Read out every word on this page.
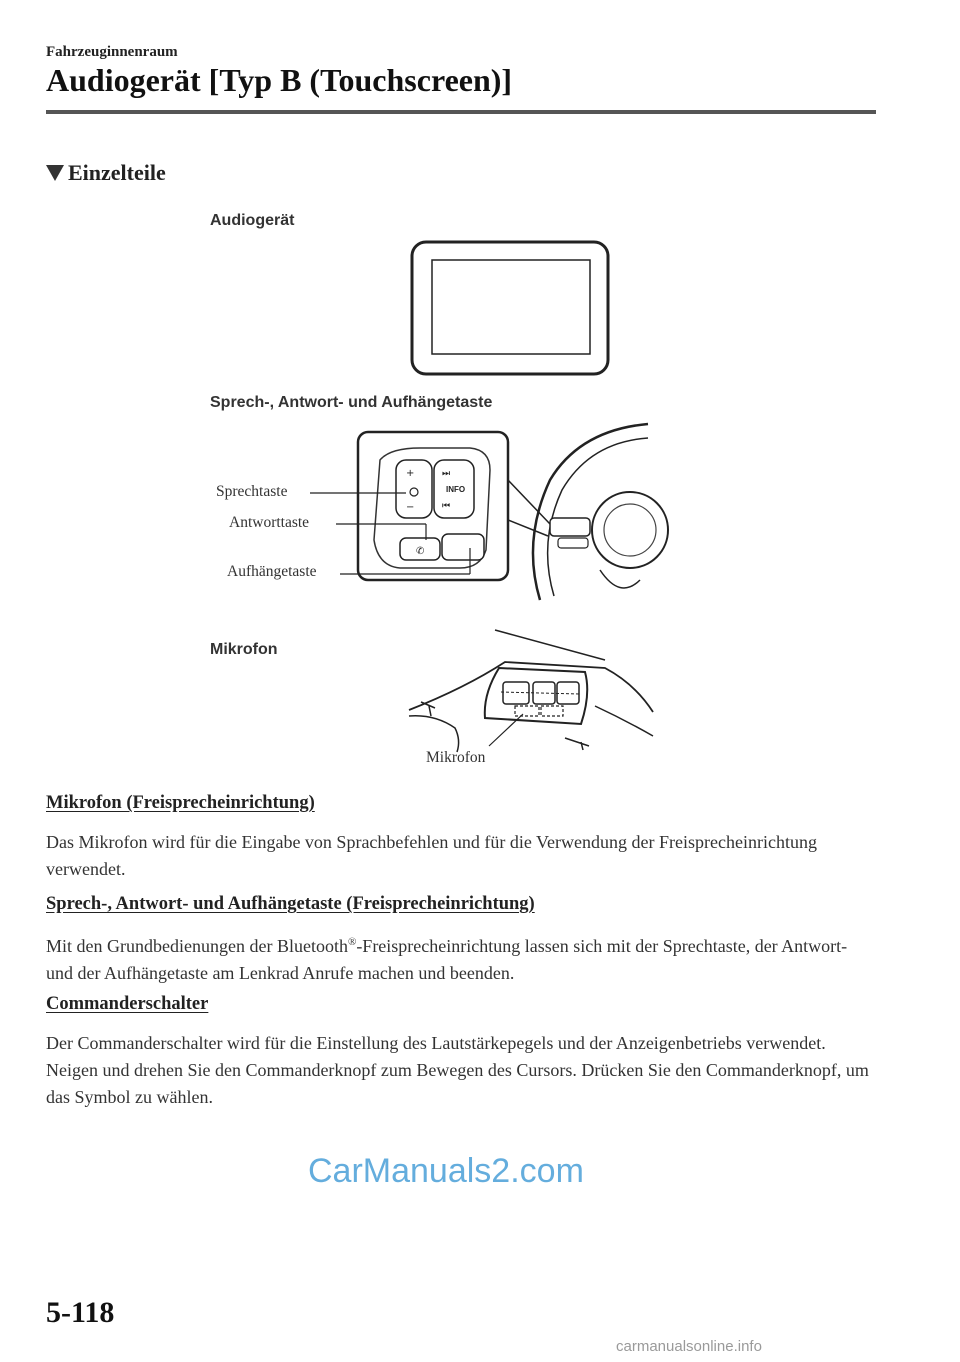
Fahrzeuginnenraum
Audiogerät [Typ B (Touchscreen)]
Einzelteile
Audiogerät
Sprech-, Antwort- und Aufhängetaste
INFO
⏭
⏮
+
−
✆
Sprechtaste
Antworttaste
Aufhängetaste
Mikrofon
Mikrofon
Mikrofon (Freisprecheinrichtung)
Das Mikrofon wird für die Eingabe von Sprachbefehlen und für die Verwendung der Freisprecheinrichtung verwendet.
Sprech-, Antwort- und Aufhängetaste (Freisprecheinrichtung)
Mit den Grundbedienungen der Bluetooth®-Freisprecheinrichtung lassen sich mit der Sprechtaste, der Antwort- und der Aufhängetaste am Lenkrad Anrufe machen und beenden.
Commanderschalter
Der Commanderschalter wird für die Einstellung des Lautstärkepegels und der Anzeigenbetriebs verwendet. Neigen und drehen Sie den Commanderknopf zum Bewegen des Cursors. Drücken Sie den Commanderknopf, um das Symbol zu wählen.
CarManuals2.com
5-118
carmanualsonline.info
